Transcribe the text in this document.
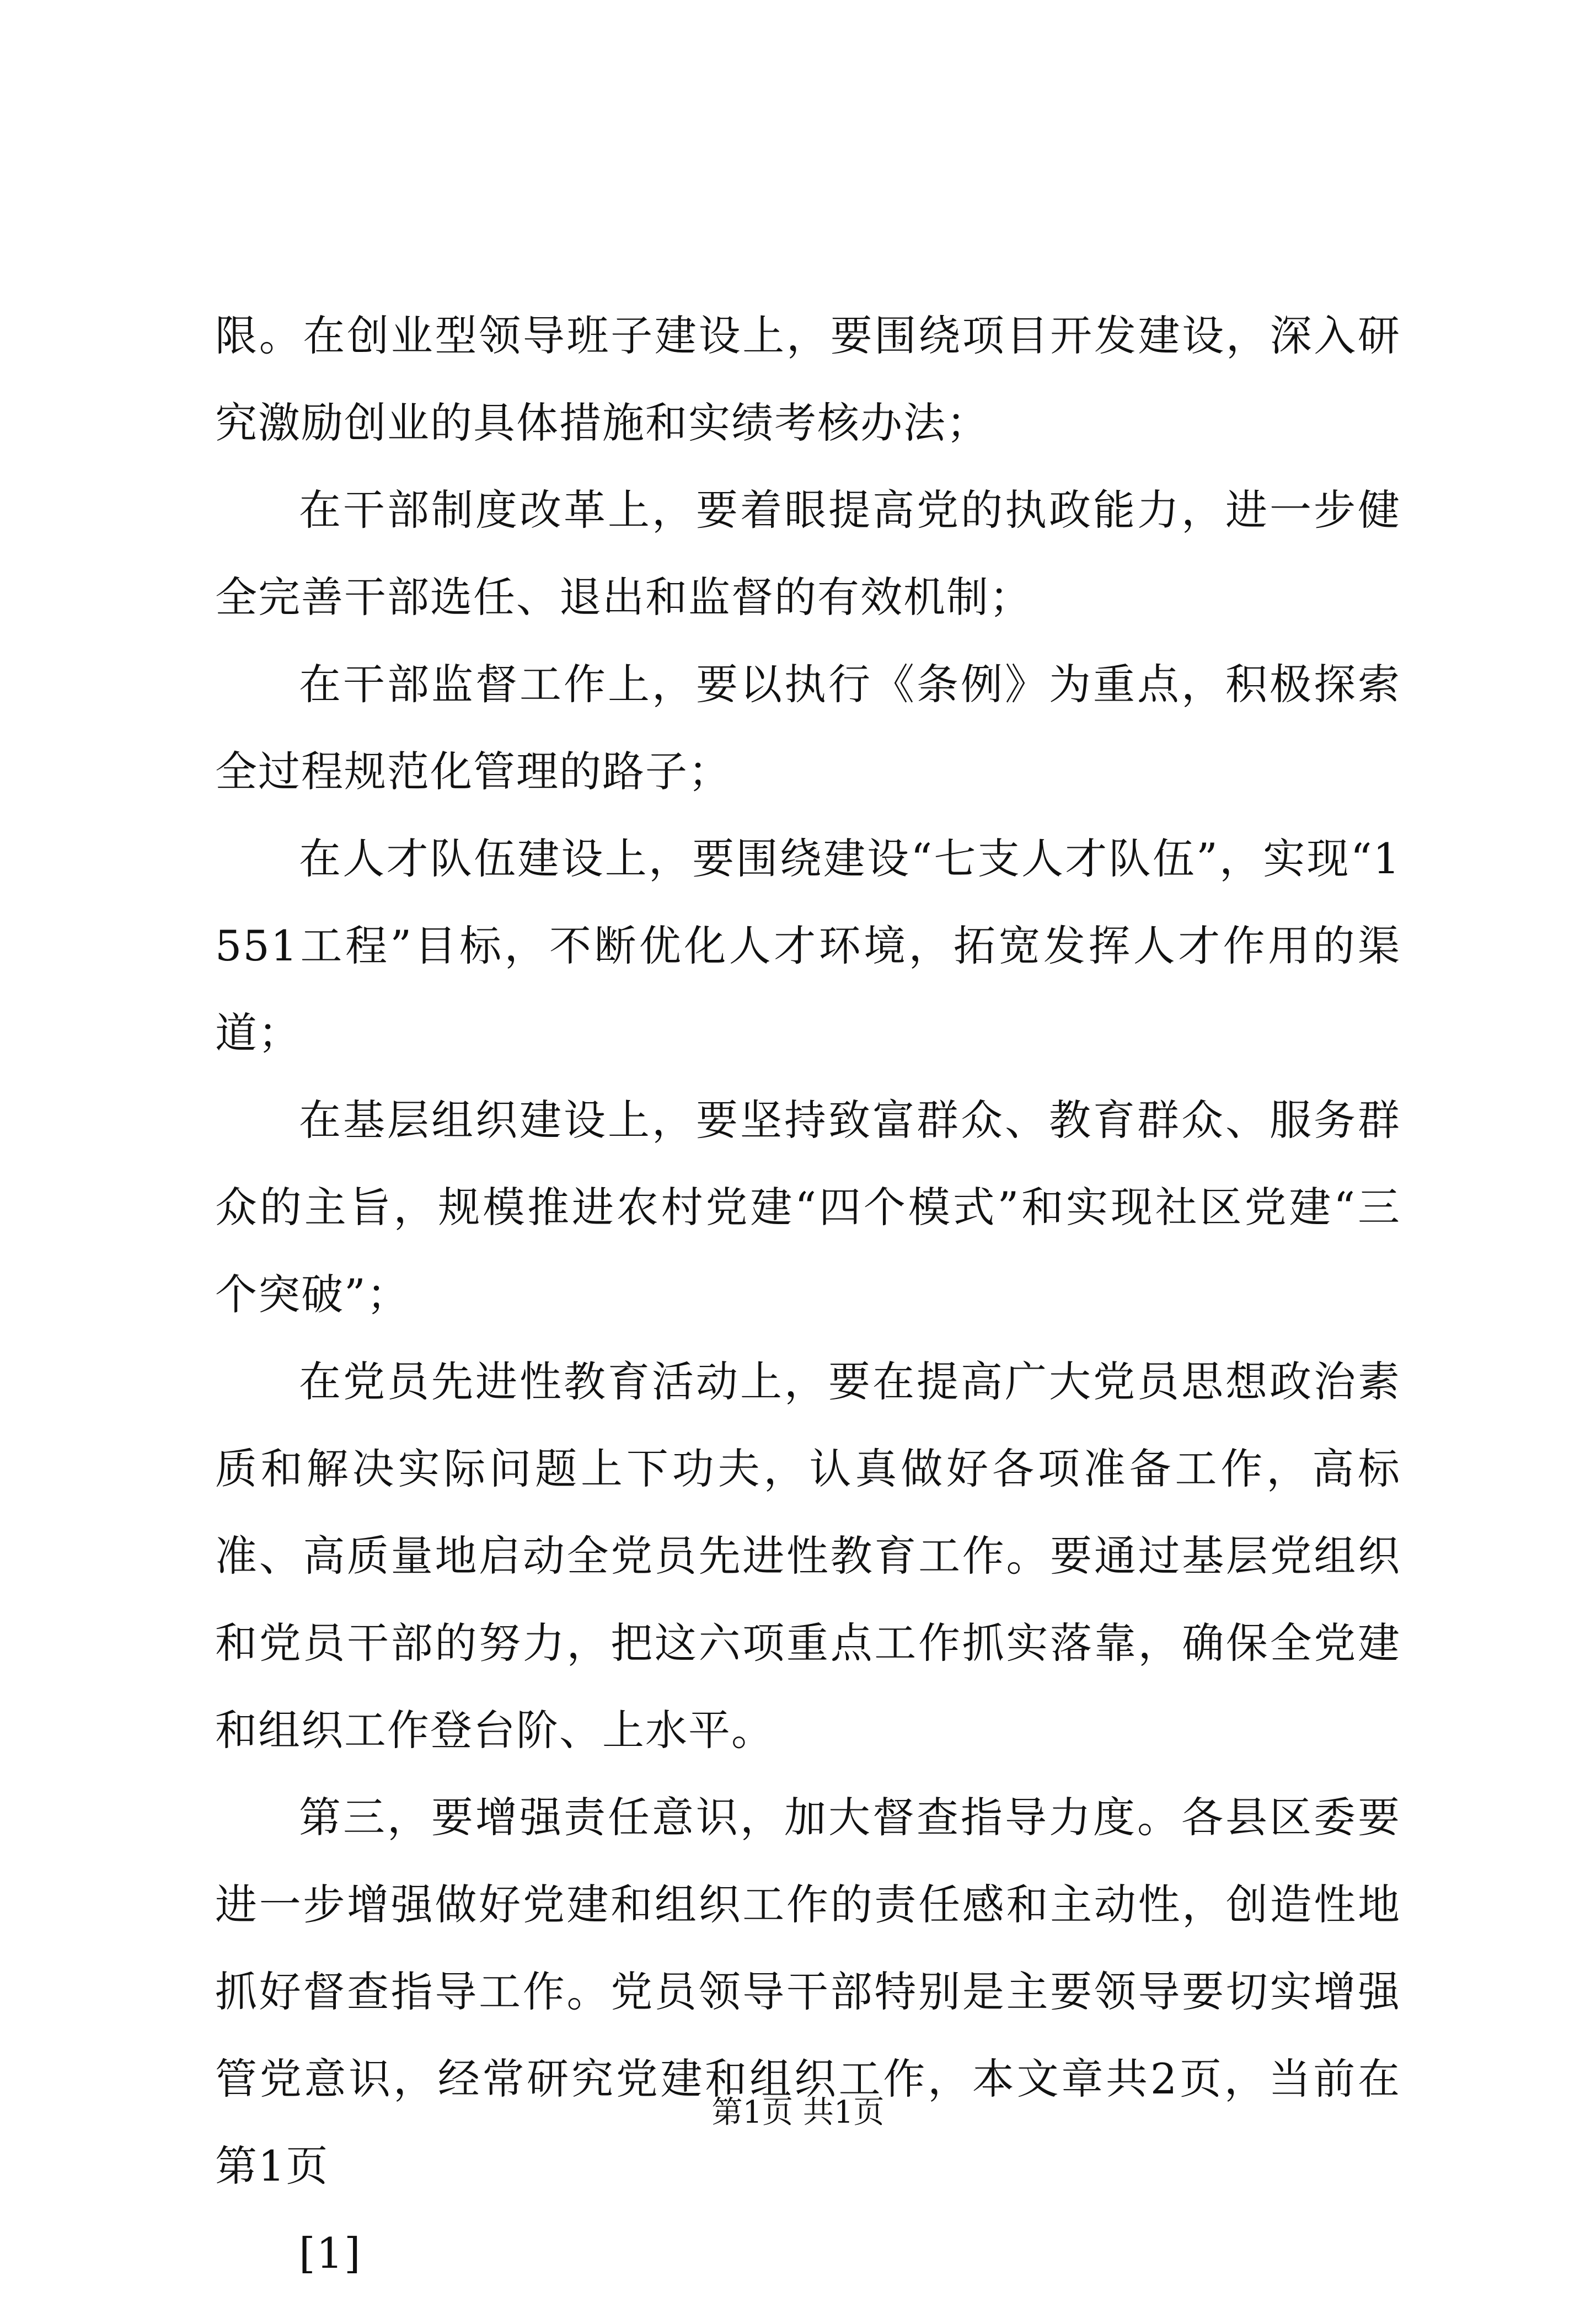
限。在创业型领导班子建设上，要围绕项目开发建设，深入研究激励创业的具体措施和实绩考核办法；

在干部制度改革上，要着眼提高党的执政能力，进一步健全完善干部选任、退出和监督的有效机制；

在干部监督工作上，要以执行《条例》为重点，积极探索全过程规范化管理的路子；

在人才队伍建设上，要围绕建设“七支人才队伍”，实现“1551工程”目标，不断优化人才环境，拓宽发挥人才作用的渠道；

在基层组织建设上，要坚持致富群众、教育群众、服务群众的主旨，规模推进农村党建“四个模式”和实现社区党建“三个突破”；

在党员先进性教育活动上，要在提高广大党员思想政治素质和解决实际问题上下功夫，认真做好各项准备工作，高标准、高质量地启动全党员先进性教育工作。要通过基层党组织和党员干部的努力，把这六项重点工作抓实落靠，确保全党建和组织工作登台阶、上水平。

第三，要增强责任意识，加大督查指导力度。各县区委要进一步增强做好党建和组织工作的责任感和主动性，创造性地抓好督查指导工作。党员领导干部特别是主要领导要切实增强管党意识，经常研究党建和组织工作，本文章共2页，当前在第1页

[1]

第1页 共1页
